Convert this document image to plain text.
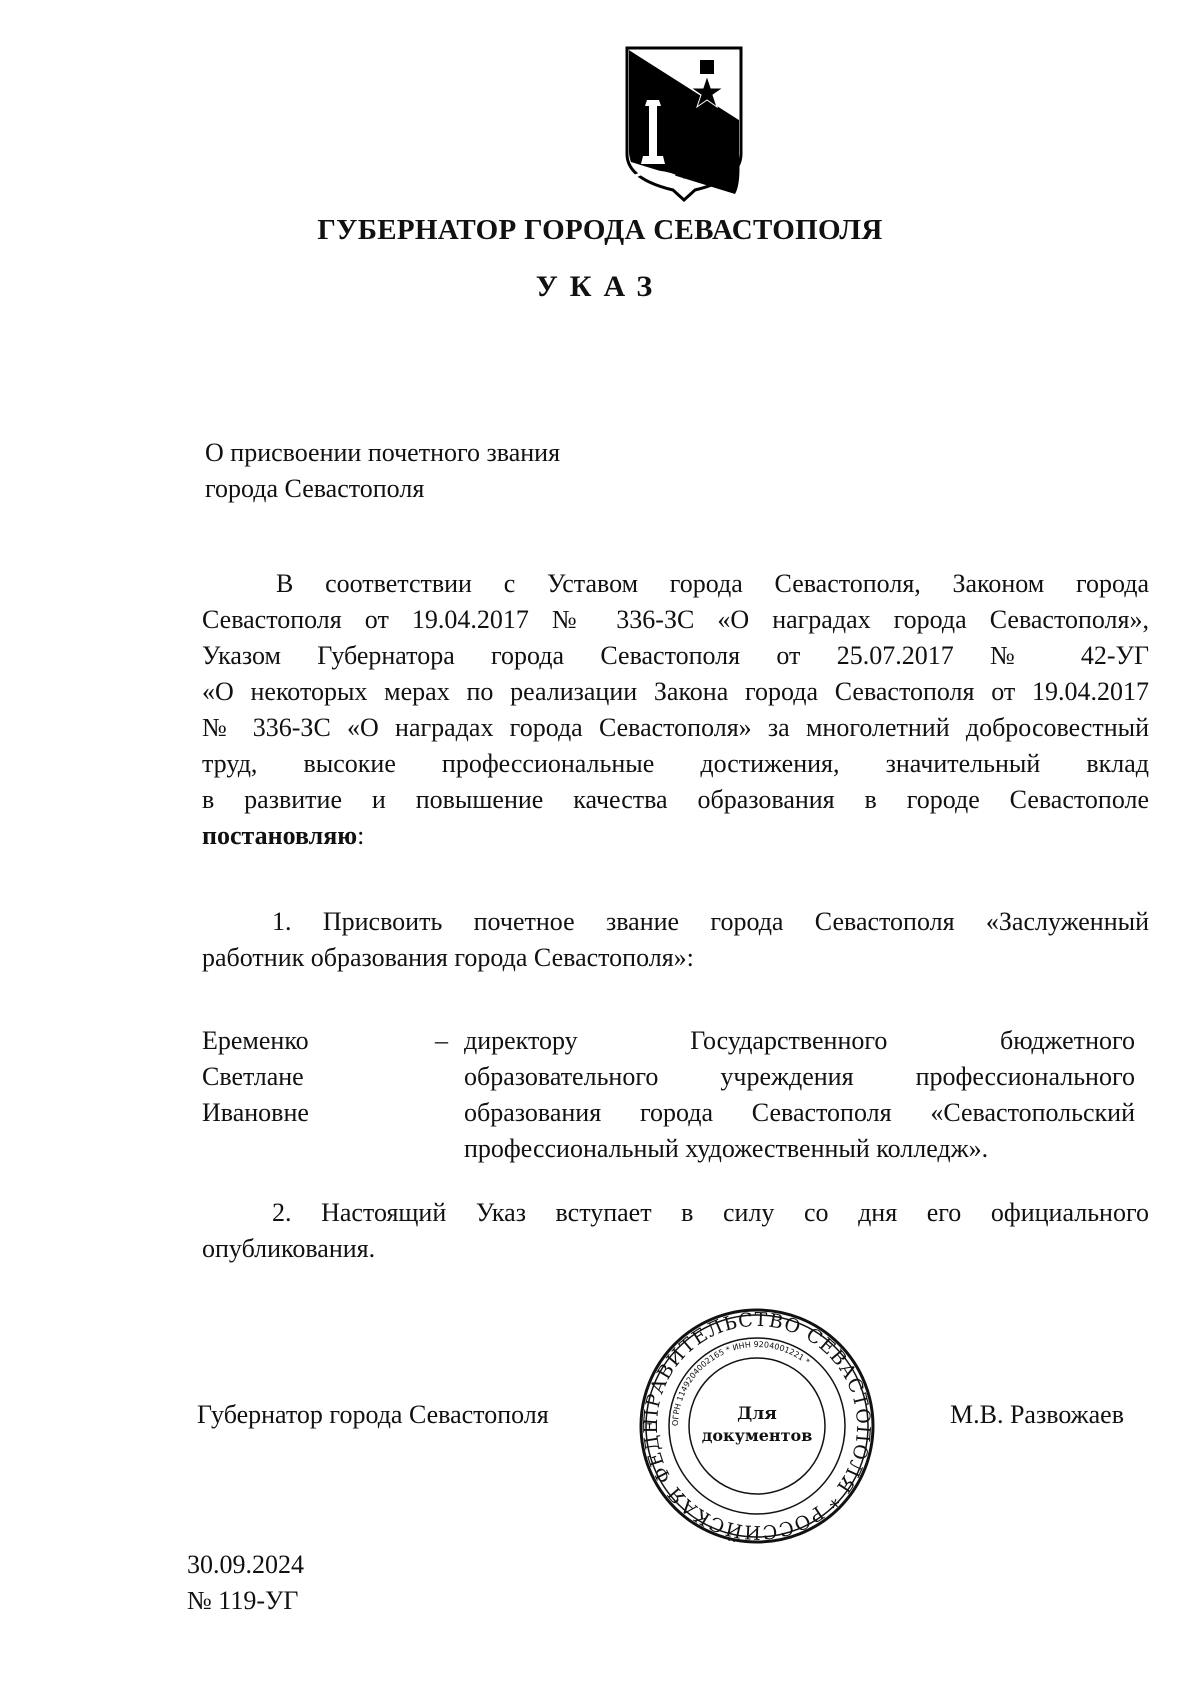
ГУБЕРНАТОР ГОРОДА СЕВАСТОПОЛЯ
УКАЗ
О присвоении почетного звания
города Севастополя
В соответствии с Уставом города Севастополя, Законом города
Севастополя от 19.04.2017 № 336-ЗС «О наградах города Севастополя»,
Указом Губернатора города Севастополя от 25.07.2017 № 42-УГ
«О некоторых мерах по реализации Закона города Севастополя от 19.04.2017
№ 336-ЗС «О наградах города Севастополя» за многолетний добросовестный
труд, высокие профессиональные достижения, значительный вклад
в развитие и повышение качества образования в городе Севастополе
постановляю:
1. Присвоить почетное звание города Севастополя «Заслуженный
работник образования города Севастополя»:
Еременко
Светлане
Ивановне
– директору Государственного бюджетного
образовательного учреждения профессионального
образования города Севастополя «Севастопольский
профессиональный художественный колледж».
2. Настоящий Указ вступает в силу со дня его официального
опубликования.
Губернатор города Севастополя	ПРАВИТЕЛЬСТВО СЕВАСТОПОЛЯ * РОССИЙСКАЯ ФЕДЕ	ОГРН 1149204002165 * ИНН 9204001221 *
Для
документов
М.В. Развожаев
30.09.2024
№ 119-УГ
